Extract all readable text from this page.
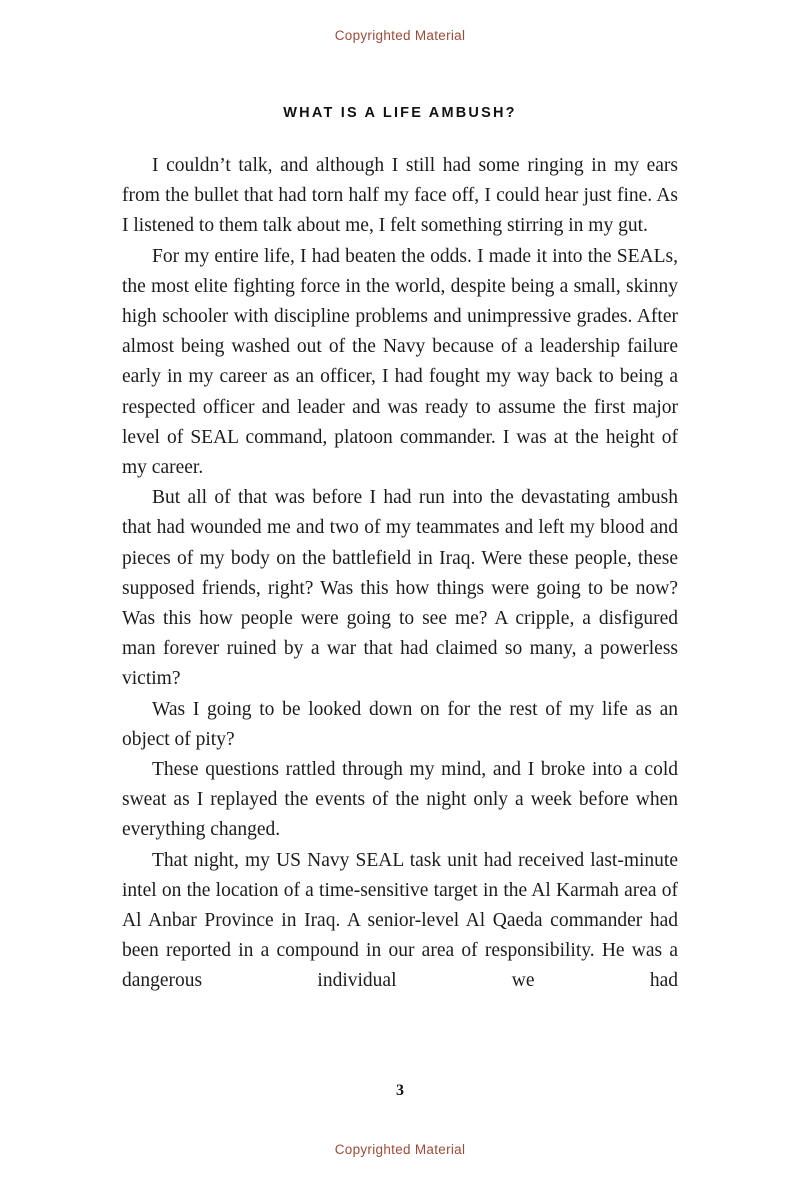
Copyrighted Material
WHAT IS A LIFE AMBUSH?

I couldn’t talk, and although I still had some ringing in my ears from the bullet that had torn half my face off, I could hear just fine. As I listened to them talk about me, I felt something stirring in my gut.

For my entire life, I had beaten the odds. I made it into the SEALs, the most elite fighting force in the world, despite being a small, skinny high schooler with discipline problems and unimpressive grades. After almost being washed out of the Navy because of a leadership failure early in my career as an officer, I had fought my way back to being a respected officer and leader and was ready to assume the first major level of SEAL command, platoon commander. I was at the height of my career.

But all of that was before I had run into the devastating ambush that had wounded me and two of my teammates and left my blood and pieces of my body on the battlefield in Iraq. Were these people, these supposed friends, right? Was this how things were going to be now? Was this how people were going to see me? A cripple, a disfigured man forever ruined by a war that had claimed so many, a powerless victim?

Was I going to be looked down on for the rest of my life as an object of pity?

These questions rattled through my mind, and I broke into a cold sweat as I replayed the events of the night only a week before when everything changed.

That night, my US Navy SEAL task unit had received last-minute intel on the location of a time-sensitive target in the Al Karmah area of Al Anbar Province in Iraq. A senior-level Al Qaeda commander had been reported in a compound in our area of responsibility. He was a dangerous individual we had

3
Copyrighted Material
